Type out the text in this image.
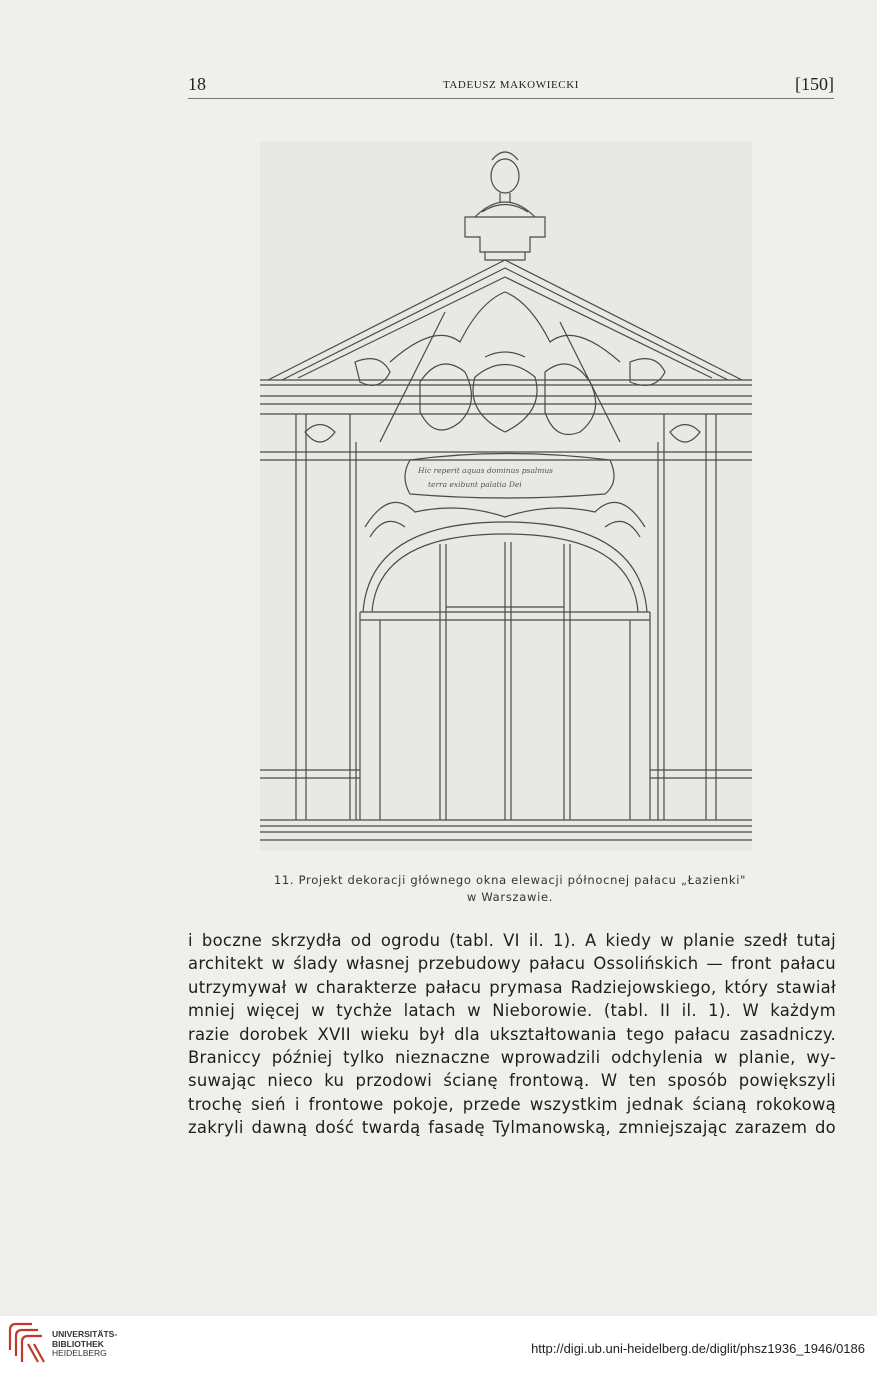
18	TADEUSZ MAKOWIECKI	[150]
Hic reperit aquas dominus psalmus
terra exibunt palatia Dei
11. Projekt dekoracji głównego okna elewacji północnej pałacu „Łazienki"
w Warszawie.
i boczne skrzydła od ogrodu (tabl. VI il. 1). A kiedy w planie szedł tutaj
architekt w ślady własnej przebudowy pałacu Ossolińskich — front pałacu
utrzymywał w charakterze pałacu prymasa Radziejowskiego, który stawiał
mniej więcej w tychże latach w Nieborowie. (tabl. II il. 1). W każdym
razie dorobek XVII wieku był dla ukształtowania tego pałacu zasadniczy.
Braniccy później tylko nieznaczne wprowadzili odchylenia w planie, wy-
suwając nieco ku przodowi ścianę frontową. W ten sposób powiększyli
trochę sień i frontowe pokoje, przede wszystkim jednak ścianą rokokową
zakryli dawną dość twardą fasadę Tylmanowską, zmniejszając zarazem do
UNIVERSITÄTS-
BIBLIOTHEK
HEIDELBERG	http://digi.ub.uni-heidelberg.de/diglit/phsz1936_1946/0186
